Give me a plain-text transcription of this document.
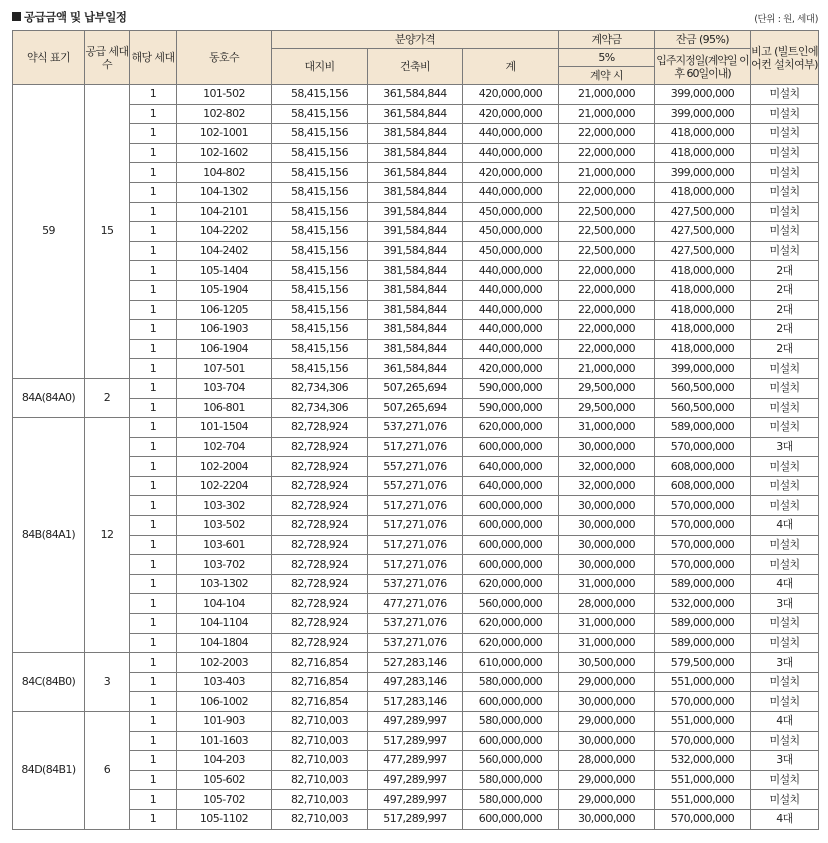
공급금액 및 납부일정	(단위 : 원, 세대)
약식 표기	공급 세대수	해당 세대	동호수	분양가격			계약금	잔금 (95%)	비고 (빌트인에어컨 설치여부)
				대지비	건축비	계	5%	입주지정일(계약일 이후 60일이내)	
							계약 시		
59	15	1	101-502	58,415,156	361,584,844	420,000,000	21,000,000	399,000,000	미설치
		1	102-802	58,415,156	361,584,844	420,000,000	21,000,000	399,000,000	미설치
		1	102-1001	58,415,156	381,584,844	440,000,000	22,000,000	418,000,000	미설치
		1	102-1602	58,415,156	381,584,844	440,000,000	22,000,000	418,000,000	미설치
		1	104-802	58,415,156	361,584,844	420,000,000	21,000,000	399,000,000	미설치
		1	104-1302	58,415,156	381,584,844	440,000,000	22,000,000	418,000,000	미설치
		1	104-2101	58,415,156	391,584,844	450,000,000	22,500,000	427,500,000	미설치
		1	104-2202	58,415,156	391,584,844	450,000,000	22,500,000	427,500,000	미설치
		1	104-2402	58,415,156	391,584,844	450,000,000	22,500,000	427,500,000	미설치
		1	105-1404	58,415,156	381,584,844	440,000,000	22,000,000	418,000,000	2대
		1	105-1904	58,415,156	381,584,844	440,000,000	22,000,000	418,000,000	2대
		1	106-1205	58,415,156	381,584,844	440,000,000	22,000,000	418,000,000	2대
		1	106-1903	58,415,156	381,584,844	440,000,000	22,000,000	418,000,000	2대
		1	106-1904	58,415,156	381,584,844	440,000,000	22,000,000	418,000,000	2대
		1	107-501	58,415,156	361,584,844	420,000,000	21,000,000	399,000,000	미설치
84A(84A0)	2	1	103-704	82,734,306	507,265,694	590,000,000	29,500,000	560,500,000	미설치
		1	106-801	82,734,306	507,265,694	590,000,000	29,500,000	560,500,000	미설치
84B(84A1)	12	1	101-1504	82,728,924	537,271,076	620,000,000	31,000,000	589,000,000	미설치
		1	102-704	82,728,924	517,271,076	600,000,000	30,000,000	570,000,000	3대
		1	102-2004	82,728,924	557,271,076	640,000,000	32,000,000	608,000,000	미설치
		1	102-2204	82,728,924	557,271,076	640,000,000	32,000,000	608,000,000	미설치
		1	103-302	82,728,924	517,271,076	600,000,000	30,000,000	570,000,000	미설치
		1	103-502	82,728,924	517,271,076	600,000,000	30,000,000	570,000,000	4대
		1	103-601	82,728,924	517,271,076	600,000,000	30,000,000	570,000,000	미설치
		1	103-702	82,728,924	517,271,076	600,000,000	30,000,000	570,000,000	미설치
		1	103-1302	82,728,924	537,271,076	620,000,000	31,000,000	589,000,000	4대
		1	104-104	82,728,924	477,271,076	560,000,000	28,000,000	532,000,000	3대
		1	104-1104	82,728,924	537,271,076	620,000,000	31,000,000	589,000,000	미설치
		1	104-1804	82,728,924	537,271,076	620,000,000	31,000,000	589,000,000	미설치
84C(84B0)	3	1	102-2003	82,716,854	527,283,146	610,000,000	30,500,000	579,500,000	3대
		1	103-403	82,716,854	497,283,146	580,000,000	29,000,000	551,000,000	미설치
		1	106-1002	82,716,854	517,283,146	600,000,000	30,000,000	570,000,000	미설치
84D(84B1)	6	1	101-903	82,710,003	497,289,997	580,000,000	29,000,000	551,000,000	4대
		1	101-1603	82,710,003	517,289,997	600,000,000	30,000,000	570,000,000	미설치
		1	104-203	82,710,003	477,289,997	560,000,000	28,000,000	532,000,000	3대
		1	105-602	82,710,003	497,289,997	580,000,000	29,000,000	551,000,000	미설치
		1	105-702	82,710,003	497,289,997	580,000,000	29,000,000	551,000,000	미설치
		1	105-1102	82,710,003	517,289,997	600,000,000	30,000,000	570,000,000	4대
